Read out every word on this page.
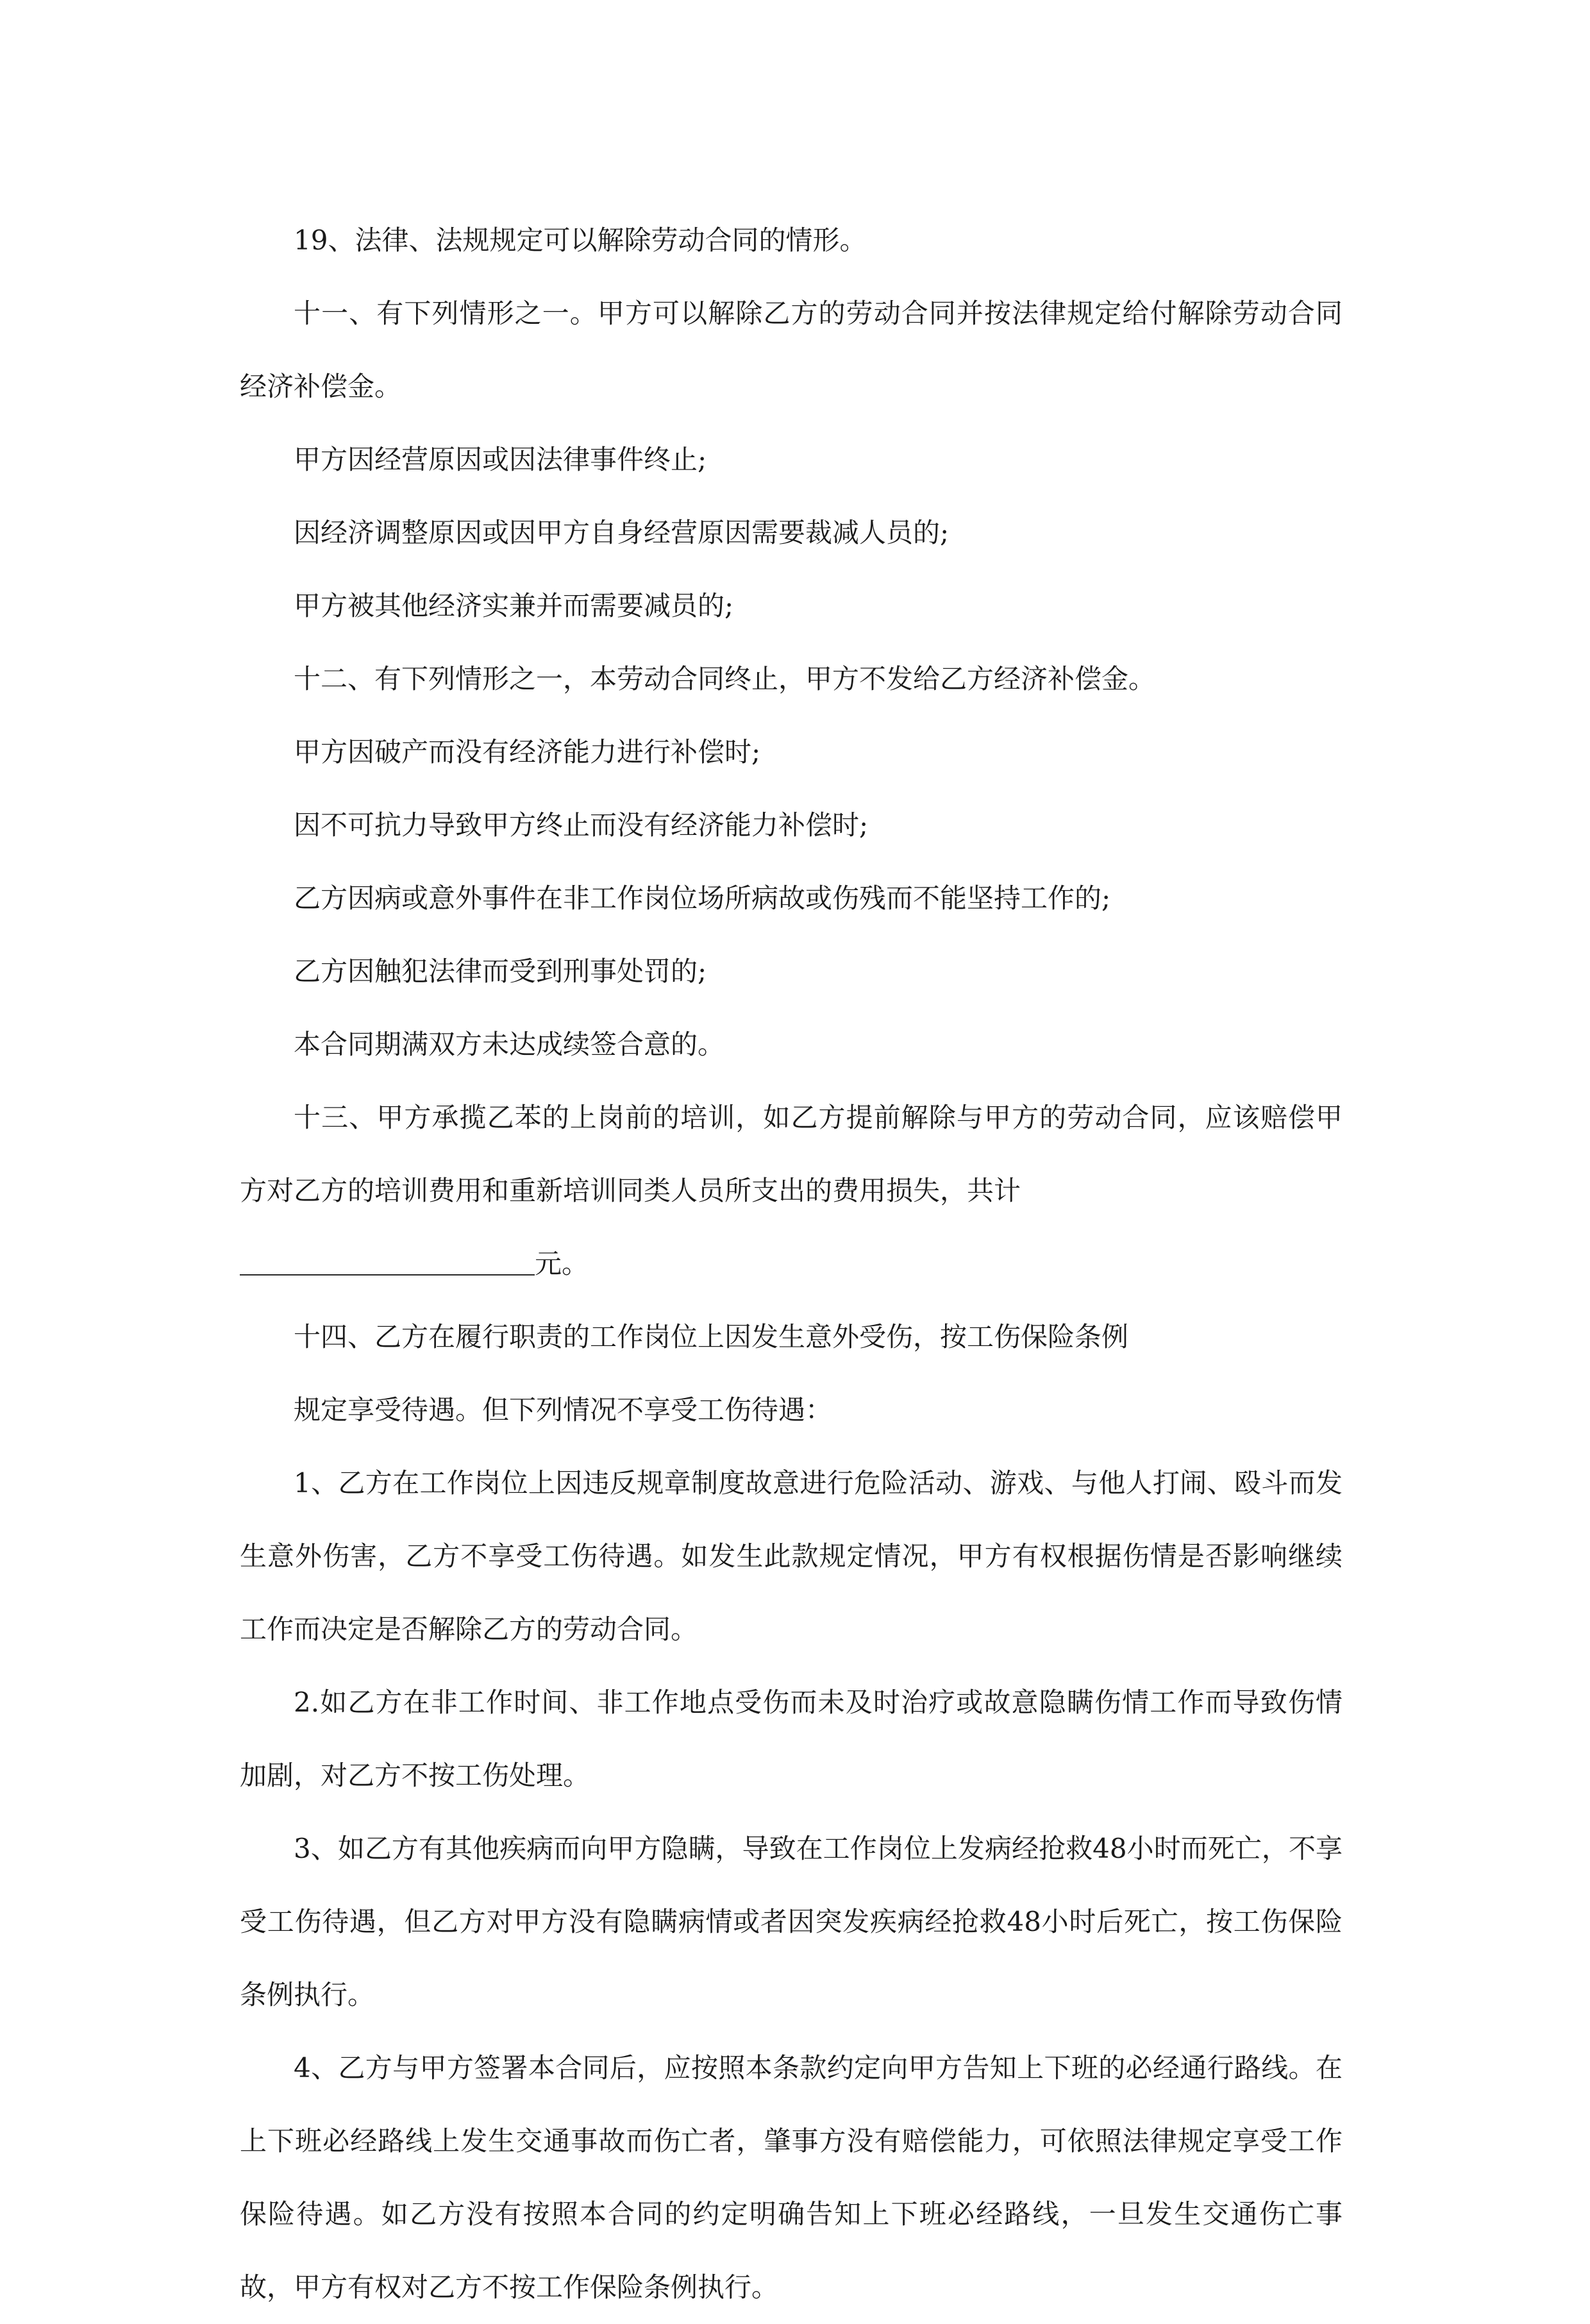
19、法律、法规规定可以解除劳动合同的情形。

十一、有下列情形之一。甲方可以解除乙方的劳动合同并按法律规定给付解除劳动合同经济补偿金。

甲方因经营原因或因法律事件终止;

因经济调整原因或因甲方自身经营原因需要裁减人员的;

甲方被其他经济实兼并而需要减员的;

十二、有下列情形之一，本劳动合同终止，甲方不发给乙方经济补偿金。

甲方因破产而没有经济能力进行补偿时;

因不可抗力导致甲方终止而没有经济能力补偿时;

乙方因病或意外事件在非工作岗位场所病故或伤残而不能坚持工作的;

乙方因触犯法律而受到刑事处罚的;

本合同期满双方未达成续签合意的。

十三、甲方承揽乙苯的上岗前的培训，如乙方提前解除与甲方的劳动合同，应该赔偿甲方对乙方的培训费用和重新培训同类人员所支出的费用损失，共计
元。

十四、乙方在履行职责的工作岗位上因发生意外受伤，按工伤保险条例

规定享受待遇。但下列情况不享受工伤待遇：

1、乙方在工作岗位上因违反规章制度故意进行危险活动、游戏、与他人打闹、殴斗而发生意外伤害，乙方不享受工伤待遇。如发生此款规定情况，甲方有权根据伤情是否影响继续工作而决定是否解除乙方的劳动合同。

2.如乙方在非工作时间、非工作地点受伤而未及时治疗或故意隐瞒伤情工作而导致伤情加剧，对乙方不按工伤处理。

3、如乙方有其他疾病而向甲方隐瞒，导致在工作岗位上发病经抢救48小时而死亡，不享受工伤待遇，但乙方对甲方没有隐瞒病情或者因突发疾病经抢救48小时后死亡，按工伤保险条例执行。

4、乙方与甲方签署本合同后，应按照本条款约定向甲方告知上下班的必经通行路线。在上下班必经路线上发生交通事故而伤亡者，肇事方没有赔偿能力，可依照法律规定享受工作保险待遇。如乙方没有按照本合同的约定明确告知上下班必经路线，一旦发生交通伤亡事故，甲方有权对乙方不按工作保险条例执行。
